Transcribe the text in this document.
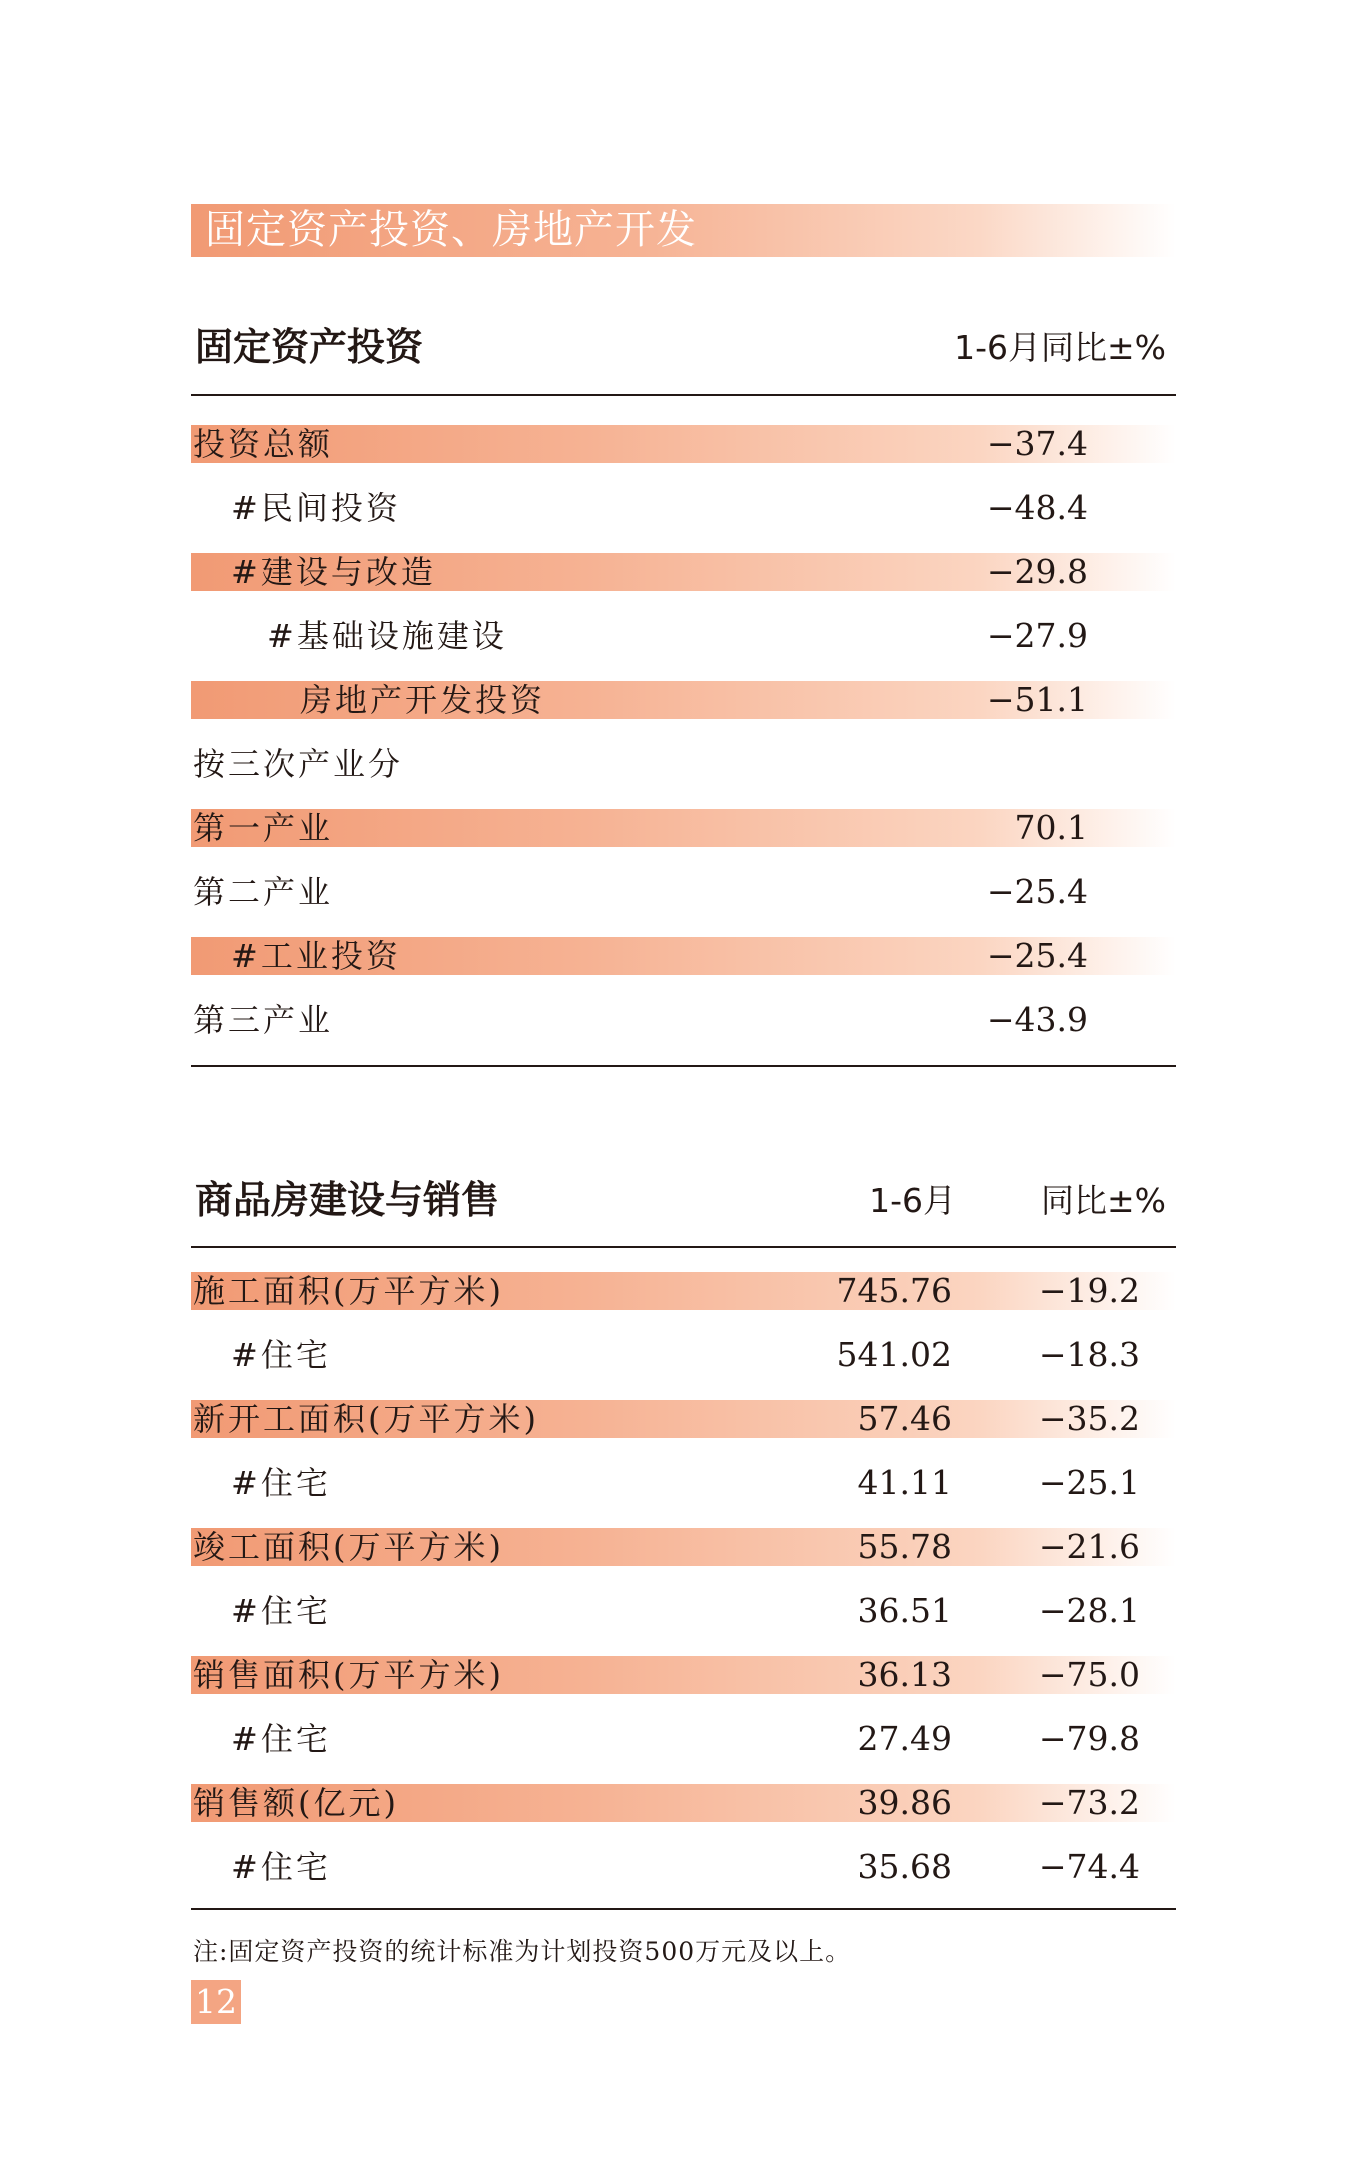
固定资产投资、房地产开发
固定资产投资	1-6月同比±%
投资总额	−37.4
#民间投资	−48.4
#建设与改造	−29.8
#基础设施建设	−27.9
房地产开发投资	−51.1
按三次产业分
第一产业	70.1
第二产业	−25.4
#工业投资	−25.4
第三产业	−43.9
商品房建设与销售	1-6月	同比±%
施工面积(万平方米)	745.76	−19.2
#住宅	541.02	−18.3
新开工面积(万平方米)	57.46	−35.2
#住宅	41.11	−25.1
竣工面积(万平方米)	55.78	−21.6
#住宅	36.51	−28.1
销售面积(万平方米)	36.13	−75.0
#住宅	27.49	−79.8
销售额(亿元)	39.86	−73.2
#住宅	35.68	−74.4
注:固定资产投资的统计标准为计划投资500万元及以上。
12
